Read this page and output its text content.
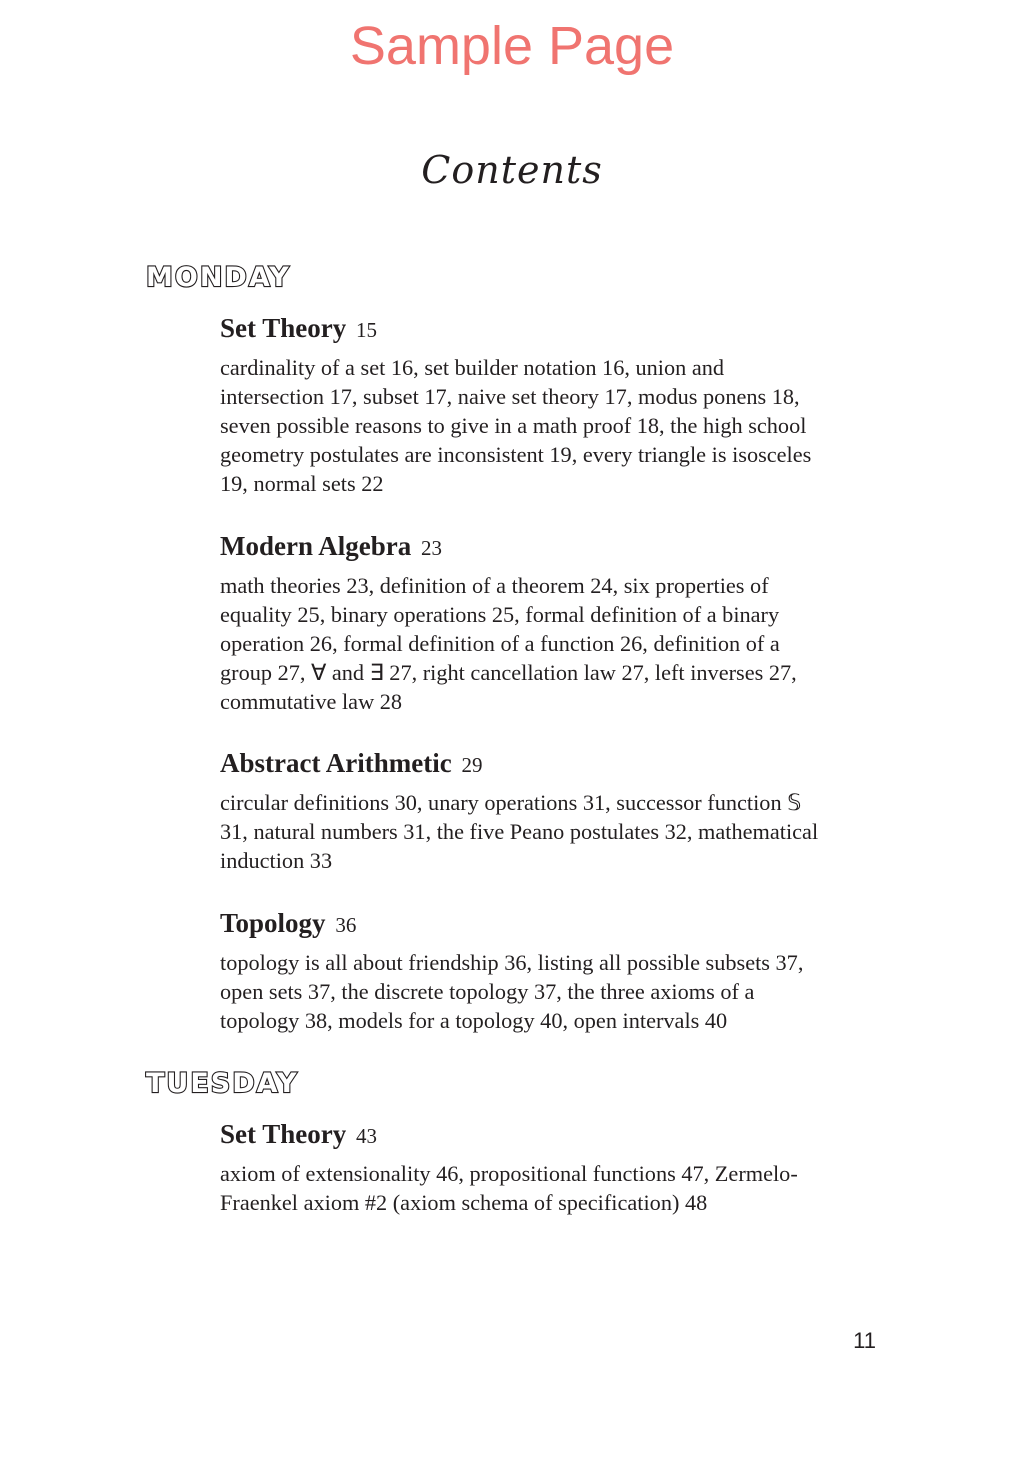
Sample Page
Contents
MONDAY

Set Theory 15

cardinality of a set 16, set builder notation 16, union and
intersection 17, subset 17, naive set theory 17, modus ponens 18,
seven possible reasons to give in a math proof 18, the high school
geometry postulates are inconsistent 19, every triangle is isosceles
19, normal sets 22

Modern Algebra 23

math theories 23, definition of a theorem 24, six properties of
equality 25, binary operations 25, formal definition of a binary
operation 26, formal definition of a function 26, definition of a
group 27, ∀ and ∃ 27, right cancellation law 27, left inverses 27,
commutative law 28

Abstract Arithmetic 29

circular definitions 30, unary operations 31, successor function 𝕊
31, natural numbers 31, the five Peano postulates 32, mathematical
induction 33

Topology 36

topology is all about friendship 36, listing all possible subsets 37,
open sets 37, the discrete topology 37, the three axioms of a
topology 38, models for a topology 40, open intervals 40
TUESDAY

Set Theory 43

axiom of extensionality 46, propositional functions 47, Zermelo-
Fraenkel axiom #2 (axiom schema of specification) 48
11
